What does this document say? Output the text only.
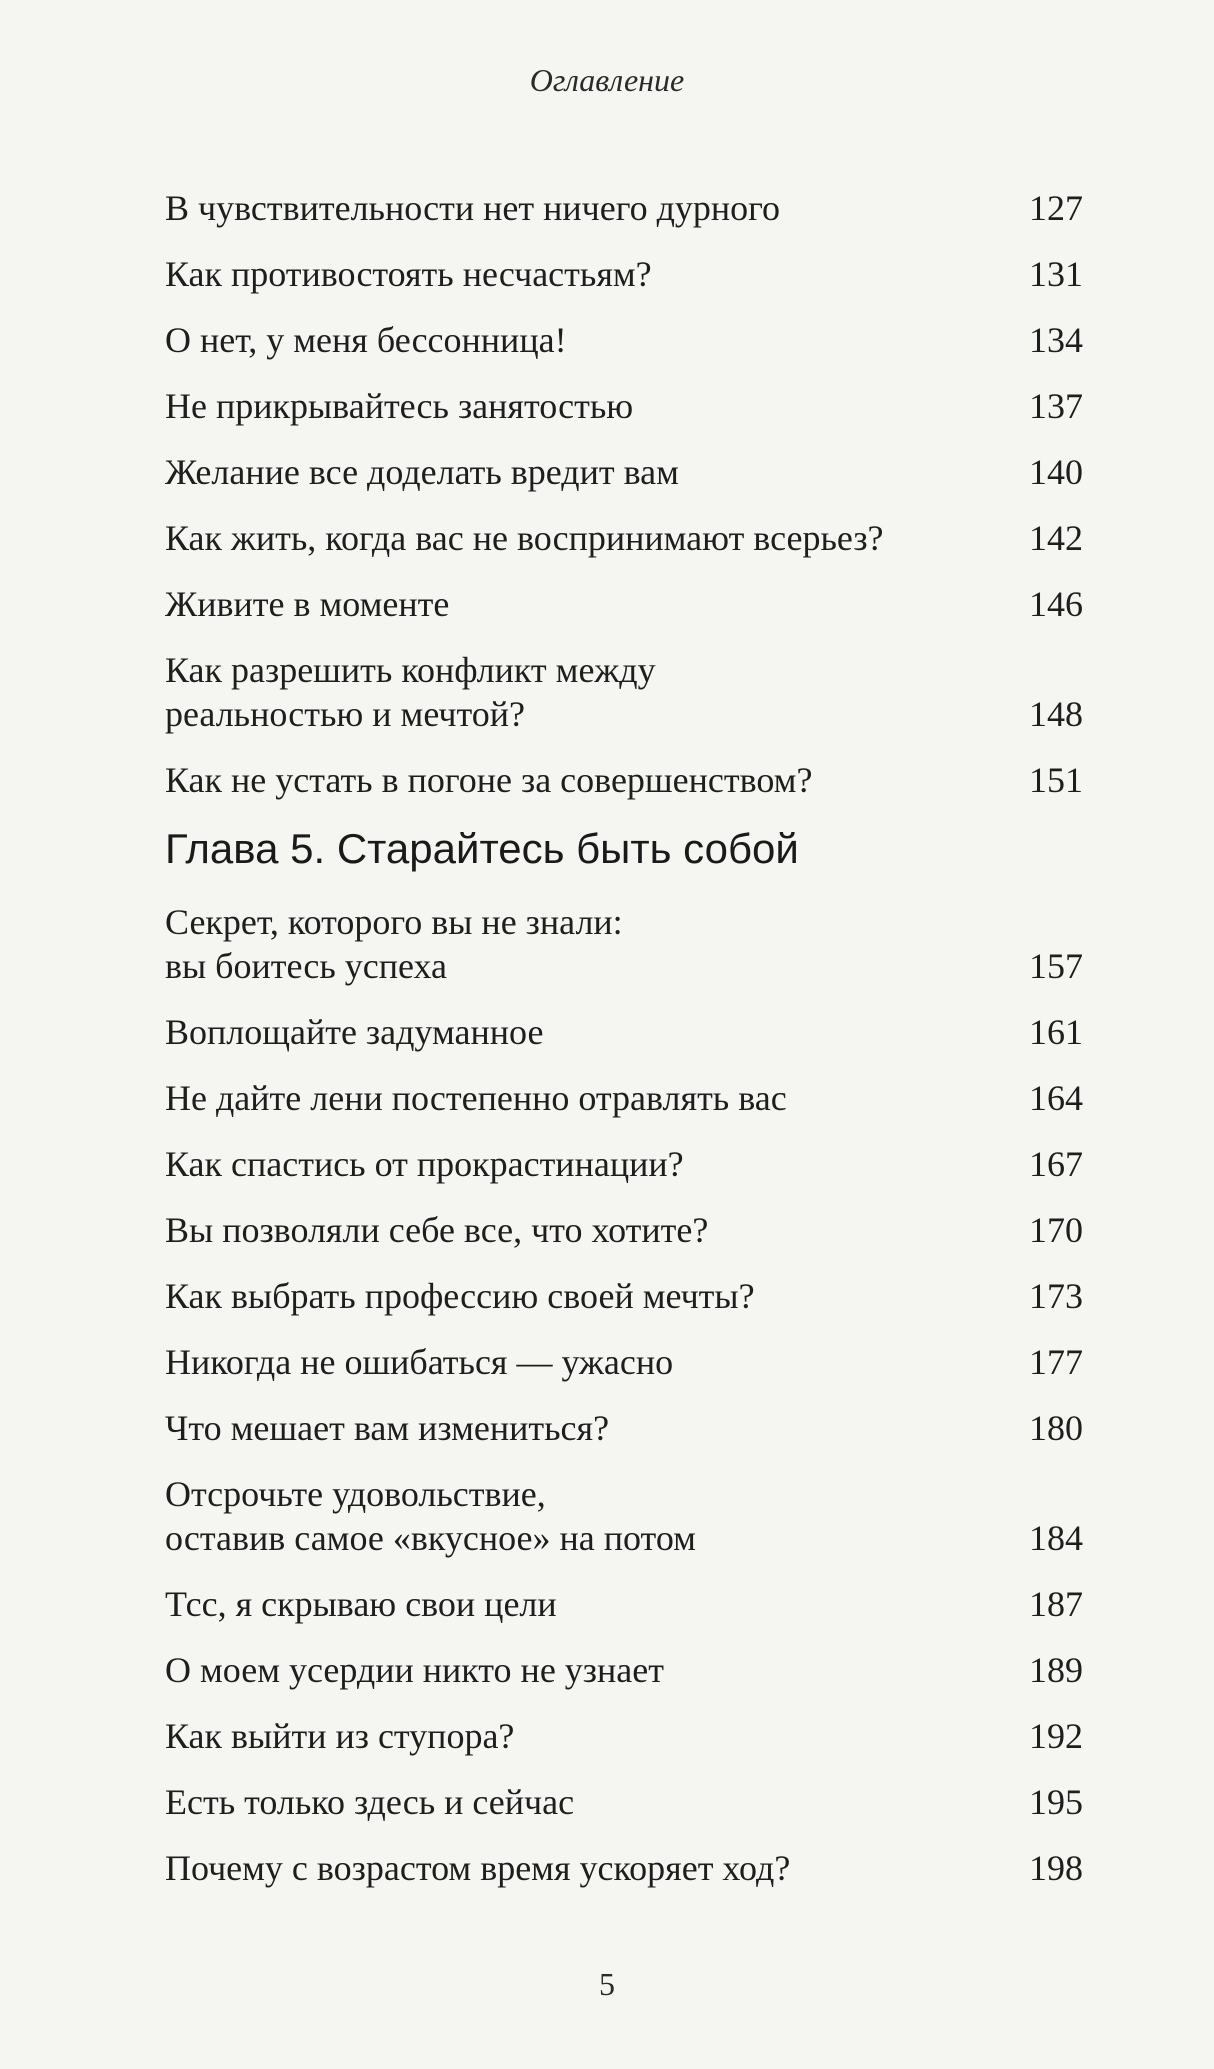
Оглавление
В чувствительности нет ничего дурного	127
Как противостоять несчастьям?	131
О нет, у меня бессонница!	134
Не прикрывайтесь занятостью	137
Желание все доделать вредит вам	140
Как жить, когда вас не воспринимают всерьез?	142
Живите в моменте	146
Как разрешить конфликт между
реальностью и мечтой?	148
Как не устать в погоне за совершенством?	151
Глава 5. Старайтесь быть собой
Секрет, которого вы не знали:
вы боитесь успеха	157
Воплощайте задуманное	161
Не дайте лени постепенно отравлять вас	164
Как спастись от прокрастинации?	167
Вы позволяли себе все, что хотите?	170
Как выбрать профессию своей мечты?	173
Никогда не ошибаться — ужасно	177
Что мешает вам измениться?	180
Отсрочьте удовольствие,
оставив самое «вкусное» на потом	184
Тсс, я скрываю свои цели	187
О моем усердии никто не узнает	189
Как выйти из ступора?	192
Есть только здесь и сейчас	195
Почему с возрастом время ускоряет ход?	198
5
